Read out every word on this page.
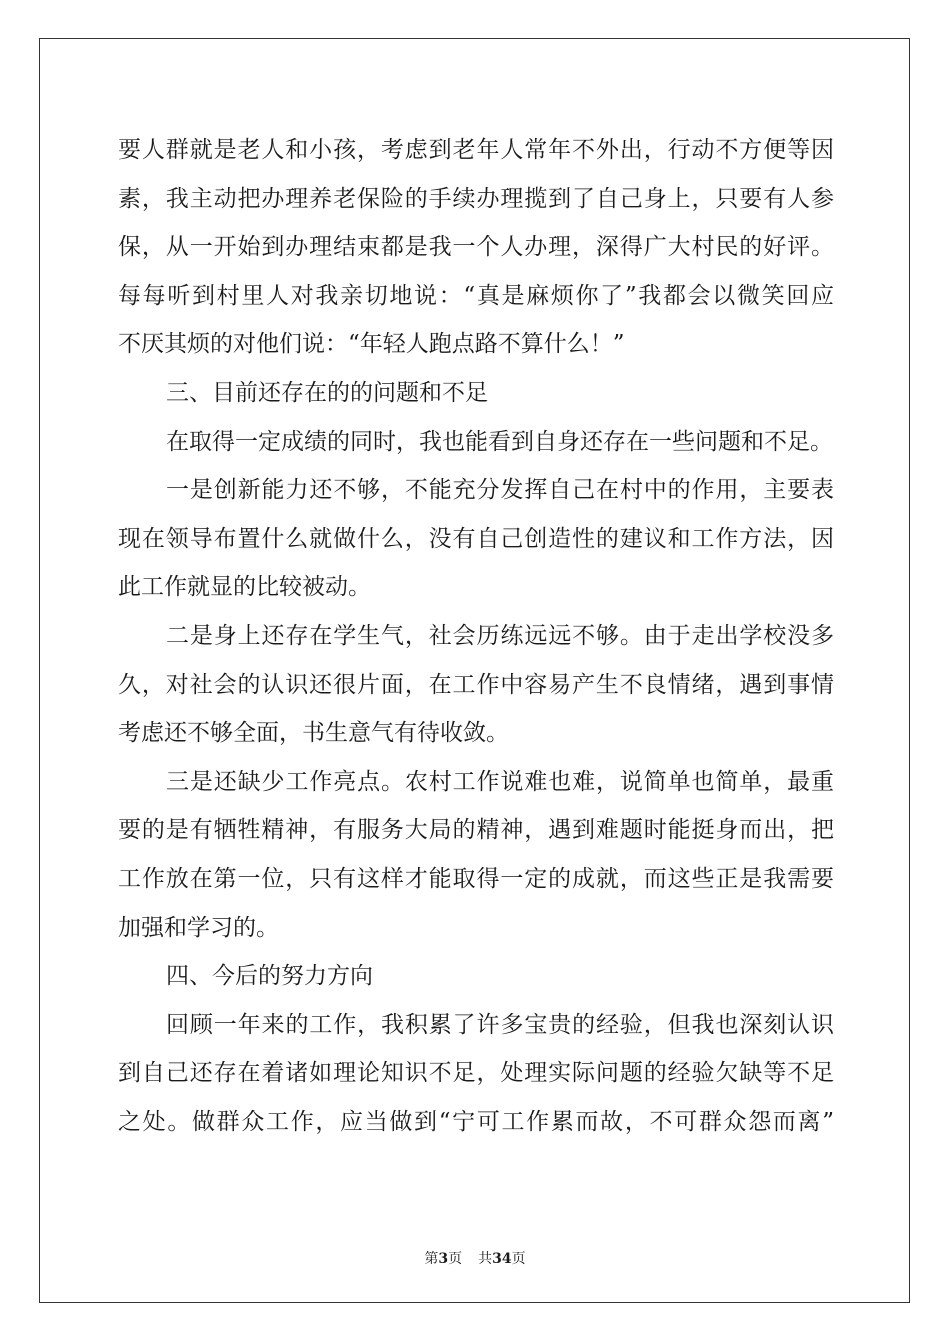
要人群就是老人和小孩，考虑到老年人常年不外出，行动不方便等因
素，我主动把办理养老保险的手续办理揽到了自己身上，只要有人参
保，从一开始到办理结束都是我一个人办理，深得广大村民的好评。
每每听到村里人对我亲切地说：“真是麻烦你了”我都会以微笑回应
不厌其烦的对他们说：“年轻人跑点路不算什么！”
三、目前还存在的的问题和不足
在取得一定成绩的同时，我也能看到自身还存在一些问题和不足。
一是创新能力还不够，不能充分发挥自己在村中的作用，主要表
现在领导布置什么就做什么，没有自己创造性的建议和工作方法，因
此工作就显的比较被动。
二是身上还存在学生气，社会历练远远不够。由于走出学校没多
久，对社会的认识还很片面，在工作中容易产生不良情绪，遇到事情
考虑还不够全面，书生意气有待收敛。
三是还缺少工作亮点。农村工作说难也难，说简单也简单，最重
要的是有牺牲精神，有服务大局的精神，遇到难题时能挺身而出，把
工作放在第一位，只有这样才能取得一定的成就，而这些正是我需要
加强和学习的。
四、今后的努力方向
回顾一年来的工作，我积累了许多宝贵的经验，但我也深刻认识
到自己还存在着诸如理论知识不足，处理实际问题的经验欠缺等不足
之处。做群众工作，应当做到“宁可工作累而故，不可群众怨而离”
第3页 共34页
